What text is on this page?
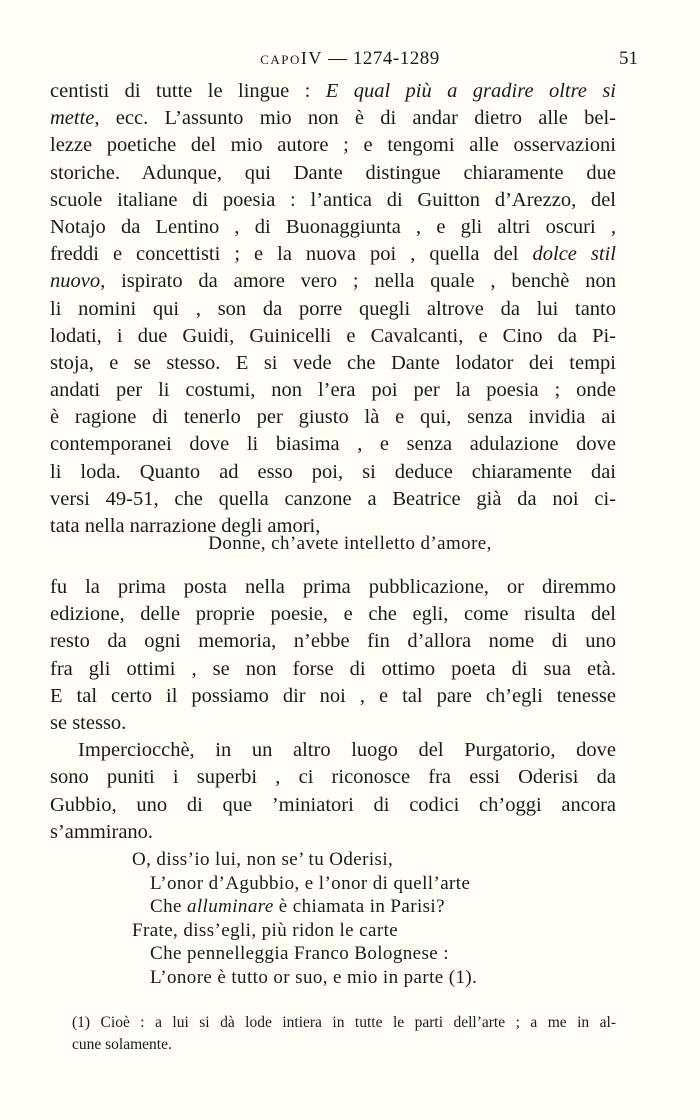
capoIV — 1274-1289	51
centisti di tutte le lingue : E qual più a gradire oltre si
mette, ecc. L’assunto mio non è di andar dietro alle bel-
lezze poetiche del mio autore ; e tengomi alle osservazioni
storiche. Adunque, qui Dante distingue chiaramente due
scuole italiane di poesia : l’antica di Guitton d’Arezzo, del
Notajo da Lentino , di Buonaggiunta , e gli altri oscuri ,
freddi e concettisti ; e la nuova poi , quella del dolce stil
nuovo, ispirato da amore vero ; nella quale , benchè non
li nomini qui , son da porre quegli altrove da lui tanto
lodati, i due Guidi, Guinicelli e Cavalcanti, e Cino da Pi-
stoja, e se stesso. E si vede che Dante lodator dei tempi
andati per li costumi, non l’era poi per la poesia ; onde
è ragione di tenerlo per giusto là e qui, senza invidia ai
contemporanei dove li biasima , e senza adulazione dove
li loda. Quanto ad esso poi, si deduce chiaramente dai
versi 49-51, che quella canzone a Beatrice già da noi ci-
tata nella narrazione degli amori,
Donne, ch’avete intelletto d’amore,
fu la prima posta nella prima pubblicazione, or diremmo
edizione, delle proprie poesie, e che egli, come risulta del
resto da ogni memoria, n’ebbe fin d’allora nome di uno
fra gli ottimi , se non forse di ottimo poeta di sua età.
E tal certo il possiamo dir noi , e tal pare ch’egli tenesse
se stesso.
Imperciocchè, in un altro luogo del Purgatorio, dove
sono puniti i superbi , ci riconosce fra essi Oderisi da
Gubbio, uno di que ’miniatori di codici ch’oggi ancora
s’ammirano.
O, diss’io lui, non se’ tu Oderisi,
L’onor d’Agubbio, e l’onor di quell’arte
Che alluminare è chiamata in Parisi?
Frate, diss’egli, più ridon le carte
Che pennelleggia Franco Bolognese :
L’onore è tutto or suo, e mio in parte (1).
(1) Cioè : a lui si dà lode intiera in tutte le parti dell’arte ; a me in al-
cune solamente.
